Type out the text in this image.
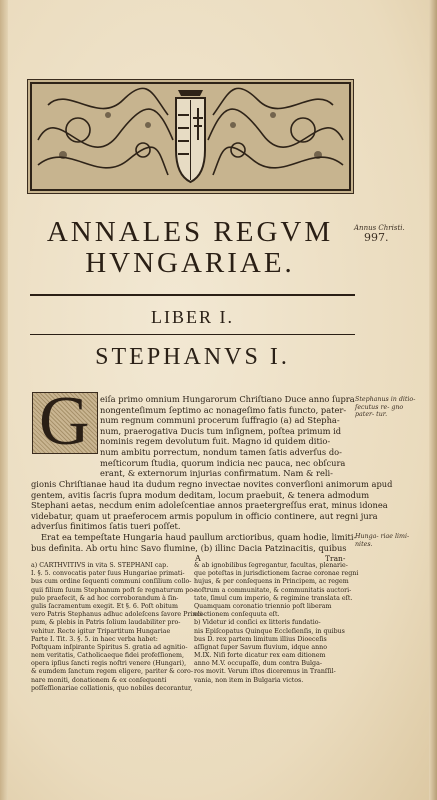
ANNALES REGVM
HVNGARIAE.
Annus Christi.
997.
LIBER I.
STEPHANVS I.
G eiſa primo omnium Hungarorum Chriſtiano Duce anno ſupra
nongenteſimum ſeptimo ac nonageſimo fatis functo, pater-
num regnum communi procerum ſuffragio (a) ad Stepha-
num, praerogativa Ducis tum inſignem, poſtea primum id
nominis regem devolutum fuit. Magno id quidem ditio-
num ambitu porrectum, nondum tamen ſatis adverſus do-
meſticorum ſtudia, quorum indicia nec pauca, nec obſcura
erant, & externorum injurias confirmatum. Nam & reli-
gionis Chriſtianae haud ita dudum regno invectae novites converſioni animorum apud
gentem, avitis ſacris ſupra modum deditam, locum praebuit, & tenera admodum
Stephani aetas, necdum enim adoleſcentiae annos praetergreſſus erat, minus idonea
videbatur, quam ut praeferocem armis populum in officio continere, aut regni jura
adverſus finitimos ſatis tueri poſſet.
Erat ea tempeſtate Hungaria haud paullum arctioribus, quam hodie, limiti-
bus definita. Ab ortu hinc Savo flumine, (b) illinc Dacia Patzinacitis, quibus
Stephanus in ditio- ſecutus re- gno pater- tur.
Hunga- riae limi- nites.
A	Tran-
a) CARTHVITIVS in vita S. STEPHANI cap.
I. §. 5. convocatis pater ſuus Hungariae primati-
bus cum ordine ſequenti communi conſilium collo-
quii filium ſuum Stephanum poſt ſe regnaturum po-
pulo praefecit, & ad hoc corroborandum à ſin-
gulis ſacramentum exegit. Et §. 6. Poſt obitum
vero Patris Stephanus adhuc adoleſcens ſavore Princi-
pum, & plebis in Patris ſolium laudabiliter pro-
vehitur. Recte igitur Tripartitum Hungariae
Parte I. Tit. 3. §. 5. in haec verba habet:
Poſtquam inſpirante Spiritus S. gratia ad agnitio-
nem veritatis, Catholicaeque fidei profeſſionem,
opera ipſius ſancti regis noſtri venere (Hungari),
& eumdem ſanctum regem eligere, pariter & coro-
nare moniti, donationem & ex conſequenti
poſſeſſionariae collationis, quo nobiles decorantur,
& ab ignobilibus ſegregantur, facultas, plenarie-
que poteſtas in jurisdictionem ſacrae coronae regni
hujus, & per conſequens in Principem, ac regem
noſtrum a communitate, & communitatis auctori-
tate, ſimul cum imperio, & regimine translata eſt.
Quamquam coronatio triennio poſt liberam
electionem conſequuta eſt.
b) Videtur id conſici ex litteris fundatio-
nis Epiſcopatus Quinque Eccleſienſis, in quibus
bus D. rex partem limitum illius Dioeceſis
aſſignat ſuper Savum fluvium, idque anno
M.IX. Niſi forte dicatur rex eam ditionem
anno M.V. occupaſſe, dum contra Bulga-
ros movit. Verum iſtos diceremus in Tranſſil-
vania, non item in Bulgaria victos.
